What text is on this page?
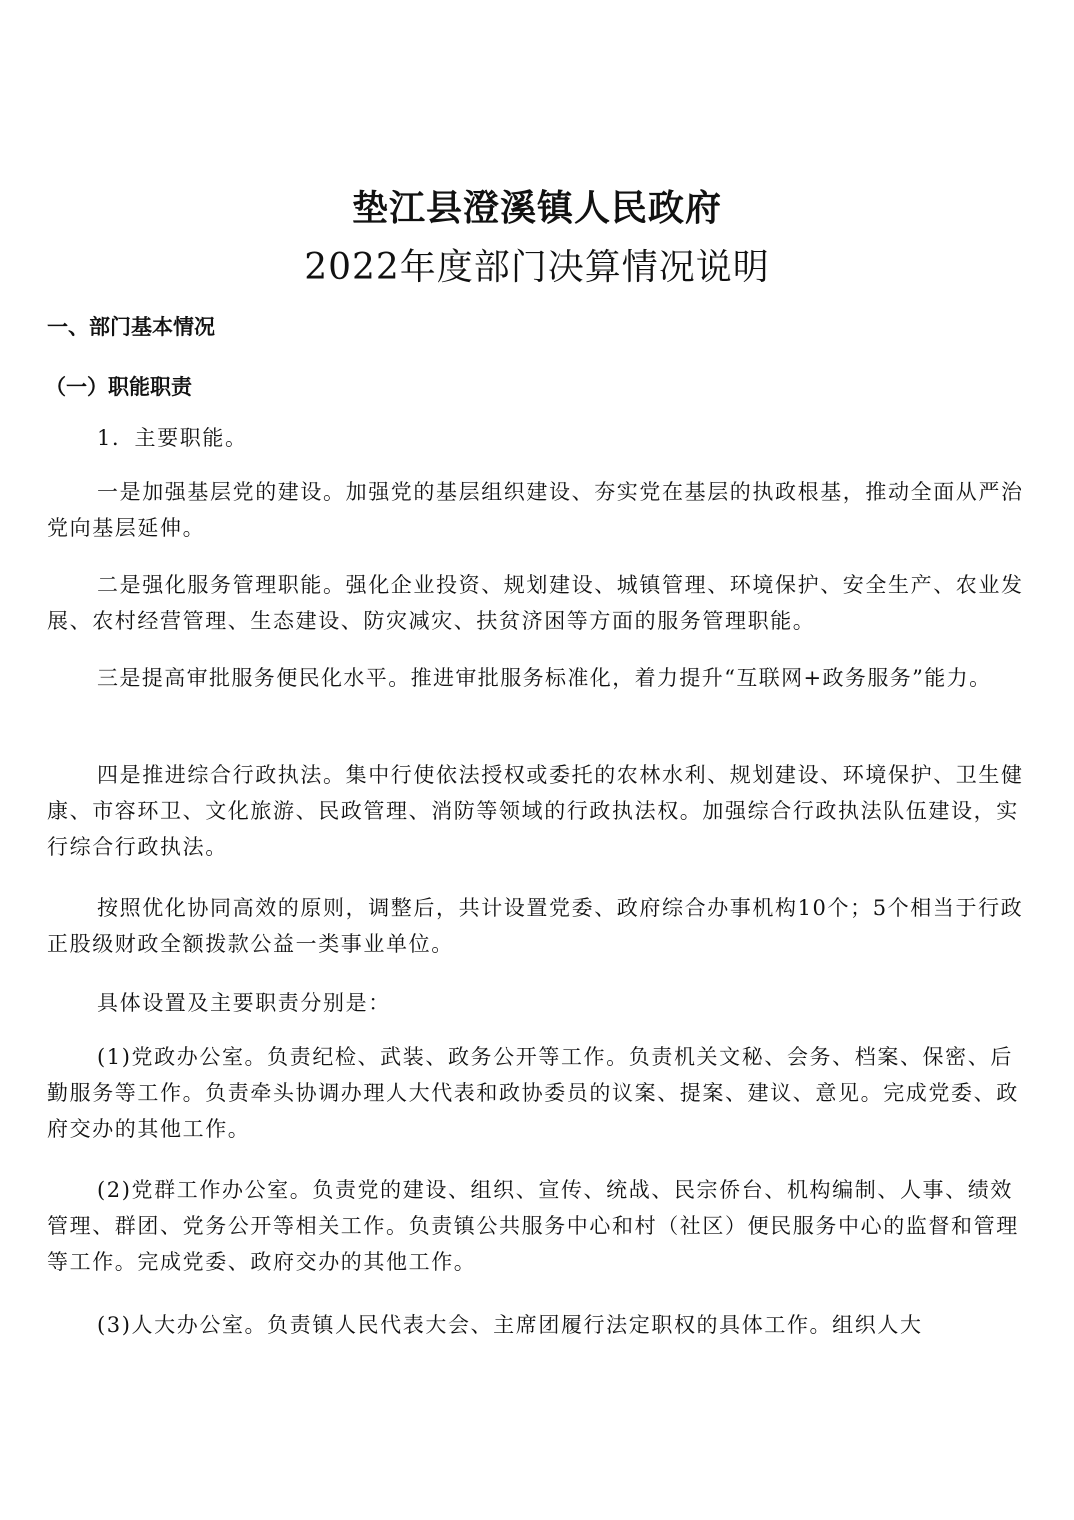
垫江县澄溪镇人民政府
2022年度部门决算情况说明
一、部门基本情况
（一）职能职责
1．主要职能。
一是加强基层党的建设。加强党的基层组织建设、夯实党在基层的执政根基，推动全面从严治党向基层延伸。
二是强化服务管理职能。强化企业投资、规划建设、城镇管理、环境保护、安全生产、农业发展、农村经营管理、生态建设、防灾减灾、扶贫济困等方面的服务管理职能。
三是提高审批服务便民化水平。推进审批服务标准化，着力提升“互联网+政务服务”能力。
四是推进综合行政执法。集中行使依法授权或委托的农林水利、规划建设、环境保护、卫生健康、市容环卫、文化旅游、民政管理、消防等领域的行政执法权。加强综合行政执法队伍建设，实行综合行政执法。
按照优化协同高效的原则，调整后，共计设置党委、政府综合办事机构10个；5个相当于行政正股级财政全额拨款公益一类事业单位。
具体设置及主要职责分别是：
(1)党政办公室。负责纪检、武装、政务公开等工作。负责机关文秘、会务、档案、保密、后勤服务等工作。负责牵头协调办理人大代表和政协委员的议案、提案、建议、意见。完成党委、政府交办的其他工作。
(2)党群工作办公室。负责党的建设、组织、宣传、统战、民宗侨台、机构编制、人事、绩效管理、群团、党务公开等相关工作。负责镇公共服务中心和村（社区）便民服务中心的监督和管理等工作。完成党委、政府交办的其他工作。
(3)人大办公室。负责镇人民代表大会、主席团履行法定职权的具体工作。组织人大
